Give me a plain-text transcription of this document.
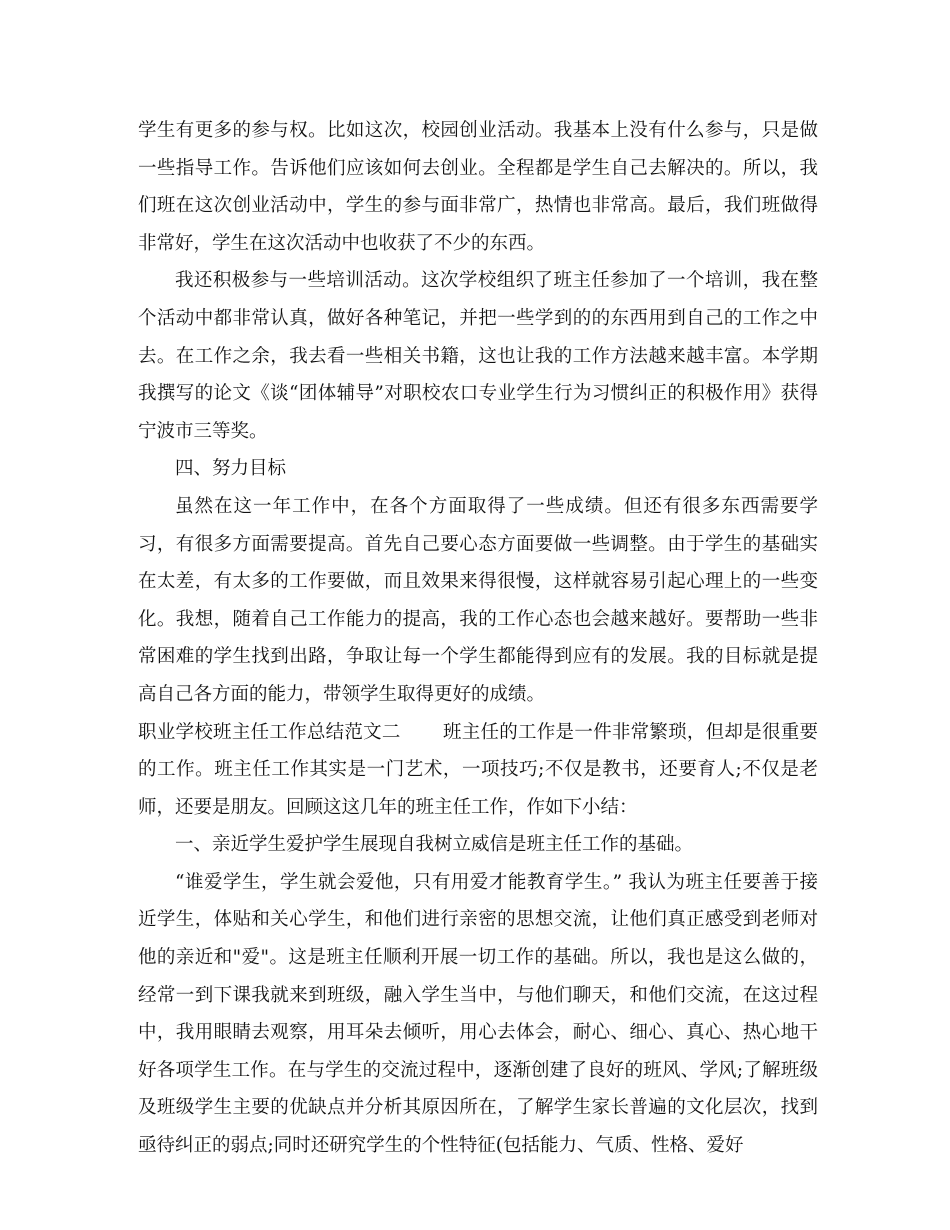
学生有更多的参与权。比如这次，校园创业活动。我基本上没有什么参与，只是做一些指导工作。告诉他们应该如何去创业。全程都是学生自己去解决的。所以，我们班在这次创业活动中，学生的参与面非常广，热情也非常高。最后，我们班做得非常好，学生在这次活动中也收获了不少的东西。

我还积极参与一些培训活动。这次学校组织了班主任参加了一个培训，我在整个活动中都非常认真，做好各种笔记，并把一些学到的的东西用到自己的工作之中去。在工作之余，我去看一些相关书籍，这也让我的工作方法越来越丰富。本学期我撰写的论文《谈“团体辅导”对职校农口专业学生行为习惯纠正的积极作用》获得宁波市三等奖。

四、努力目标

虽然在这一年工作中，在各个方面取得了一些成绩。但还有很多东西需要学习，有很多方面需要提高。首先自己要心态方面要做一些调整。由于学生的基础实在太差，有太多的工作要做，而且效果来得很慢，这样就容易引起心理上的一些变化。我想，随着自己工作能力的提高，我的工作心态也会越来越好。要帮助一些非常困难的学生找到出路，争取让每一个学生都能得到应有的发展。我的目标就是提高自己各方面的能力，带领学生取得更好的成绩。

职业学校班主任工作总结范文二 班主任的工作是一件非常繁琐，但却是很重要的工作。班主任工作其实是一门艺术，一项技巧;不仅是教书，还要育人;不仅是老师，还要是朋友。回顾这这几年的班主任工作，作如下小结：

一、亲近学生爱护学生展现自我树立威信是班主任工作的基础。

“谁爱学生，学生就会爱他，只有用爱才能教育学生。” 我认为班主任要善于接近学生，体贴和关心学生，和他们进行亲密的思想交流，让他们真正感受到老师对他的亲近和"爱"。这是班主任顺利开展一切工作的基础。所以，我也是这么做的，经常一到下课我就来到班级，融入学生当中，与他们聊天，和他们交流，在这过程中，我用眼睛去观察，用耳朵去倾听，用心去体会，耐心、细心、真心、热心地干好各项学生工作。在与学生的交流过程中，逐渐创建了良好的班风、学风;了解班级及班级学生主要的优缺点并分析其原因所在，了解学生家长普遍的文化层次，找到亟待纠正的弱点;同时还研究学生的个性特征(包括能力、气质、性格、爱好
